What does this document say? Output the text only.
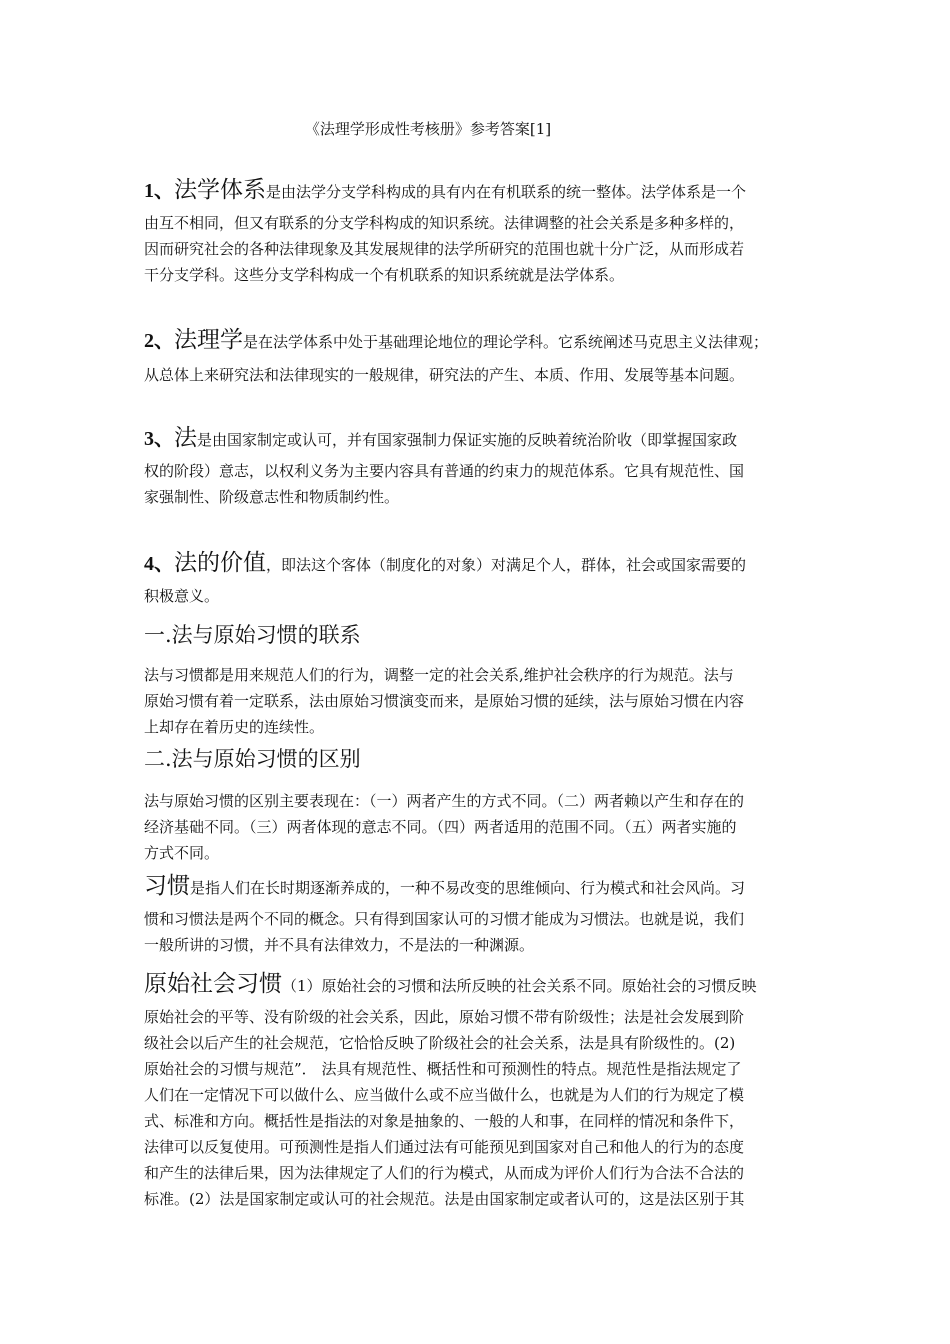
《法理学形成性考核册》参考答案[1]
1、法学体系是由法学分支学科构成的具有内在有机联系的统一整体。法学体系是一个
由互不相同，但又有联系的分支学科构成的知识系统。法律调整的社会关系是多种多样的，
因而研究社会的各种法律现象及其发展规律的法学所研究的范围也就十分广泛，从而形成若
干分支学科。这些分支学科构成一个有机联系的知识系统就是法学体系。
2、法理学是在法学体系中处于基础理论地位的理论学科。它系统阐述马克思主义法律观；
从总体上来研究法和法律现实的一般规律，研究法的产生、本质、作用、发展等基本问题。
3、法是由国家制定或认可，并有国家强制力保证实施的反映着统治阶收（即掌握国家政
权的阶段）意志，以权利义务为主要内容具有普通的约束力的规范体系。它具有规范性、国
家强制性、阶级意志性和物质制约性。
4、法的价值，即法这个客体（制度化的对象）对满足个人，群体，社会或国家需要的
积极意义。
一.法与原始习惯的联系
法与习惯都是用来规范人们的行为，调整一定的社会关系,维护社会秩序的行为规范。法与
原始习惯有着一定联系，法由原始习惯演变而来，是原始习惯的延续，法与原始习惯在内容
上却存在着历史的连续性。
二.法与原始习惯的区别
法与原始习惯的区别主要表现在：（一）两者产生的方式不同。（二）两者赖以产生和存在的
经济基础不同。（三）两者体现的意志不同。（四）两者适用的范围不同。（五）两者实施的
方式不同。
习惯是指人们在长时期逐渐养成的，一种不易改变的思维倾向、行为模式和社会风尚。习
惯和习惯法是两个不同的概念。只有得到国家认可的习惯才能成为习惯法。也就是说，我们
一般所讲的习惯，并不具有法律效力，不是法的一种渊源。
原始社会习惯（1）原始社会的习惯和法所反映的社会关系不同。原始社会的习惯反映
原始社会的平等、没有阶级的社会关系，因此，原始习惯不带有阶级性；法是社会发展到阶
级社会以后产生的社会规范，它恰恰反映了阶级社会的社会关系，法是具有阶级性的。(2)
原始社会的习惯与规范”． 法具有规范性、概括性和可预测性的特点。规范性是指法规定了
人们在一定情况下可以做什么、应当做什么或不应当做什么，也就是为人们的行为规定了模
式、标准和方向。概括性是指法的对象是抽象的、一般的人和事，在同样的情况和条件下，
法律可以反复使用。可预测性是指人们通过法有可能预见到国家对自己和他人的行为的态度
和产生的法律后果，因为法律规定了人们的行为模式，从而成为评价人们行为合法不合法的
标准。(2）法是国家制定或认可的社会规范。法是由国家制定或者认可的，这是法区别于其
